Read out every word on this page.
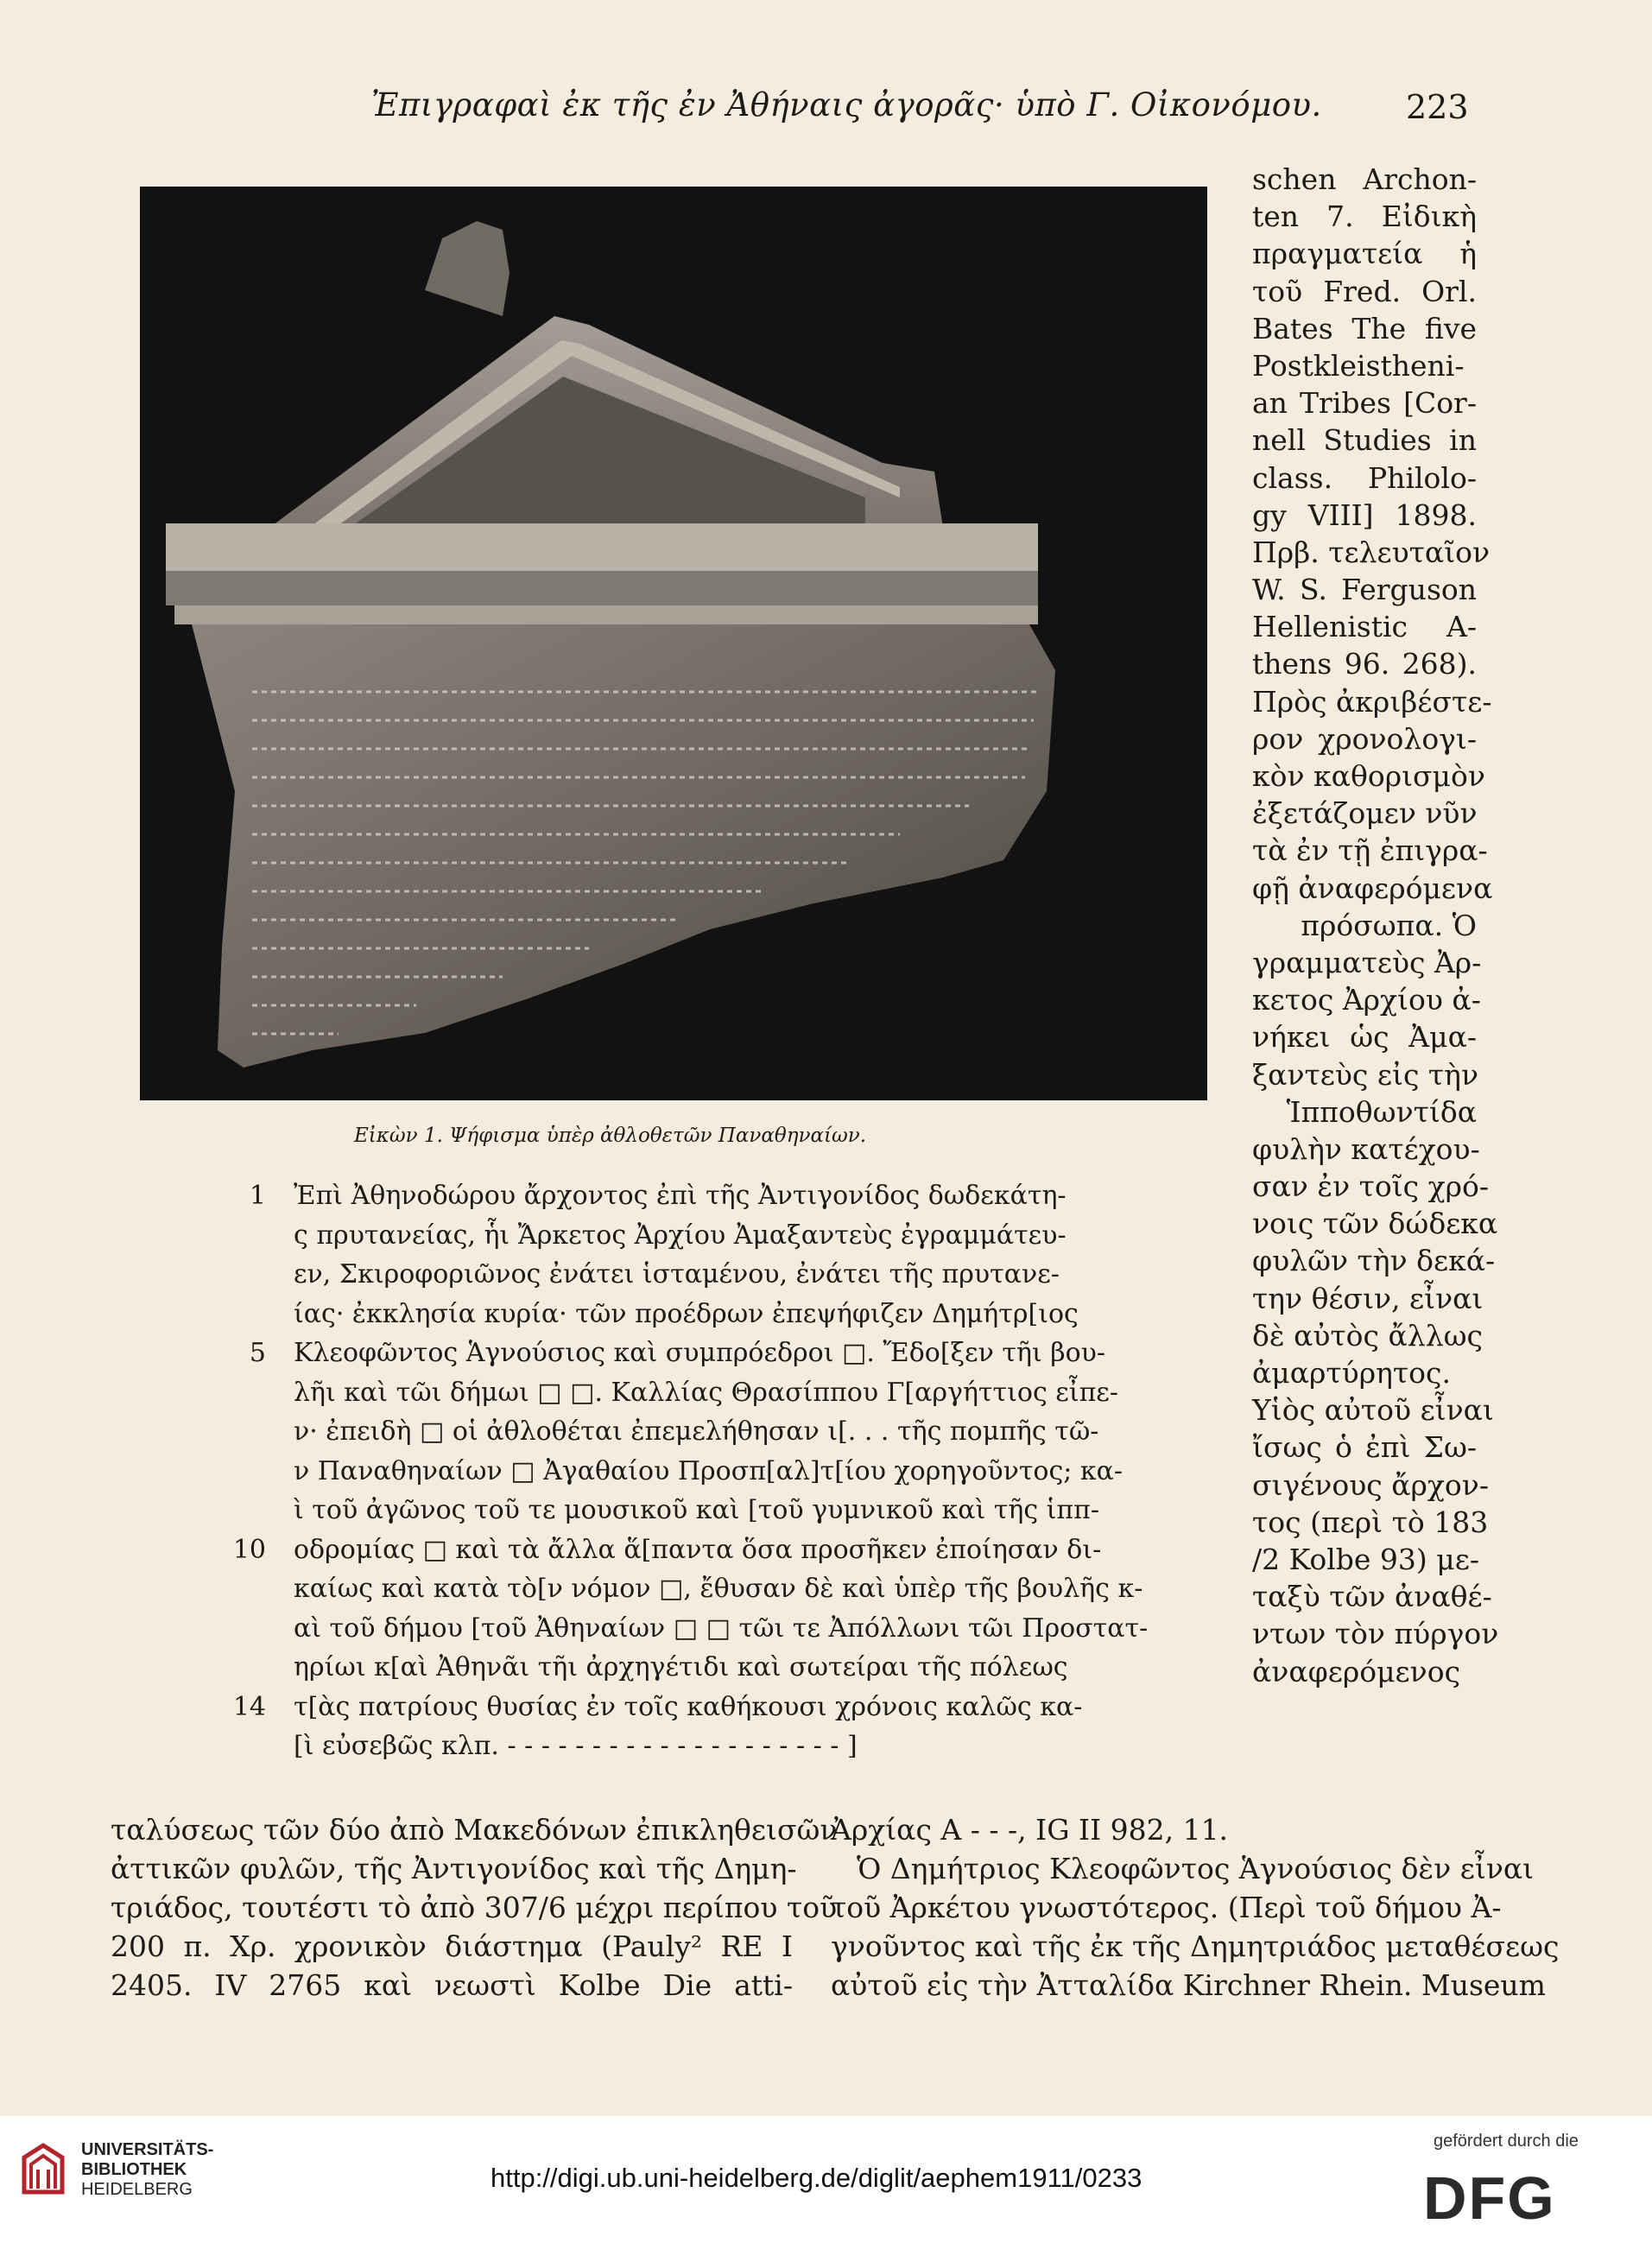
Ἐπιγραφαὶ ἐκ τῆς ἐν Ἀθήναις ἀγορᾶς· ὑπὸ Γ. Οἰκονόμου.	223
Εἰκὼν 1. Ψήφισμα ὑπὲρ ἀθλοθετῶν Παναθηναίων.
schen Archon-
ten 7. Εἰδικὴ
πραγματεία ἡ
τοῦ Fred. Orl.
Bates The five
Postkleistheni-
an Tribes [Cor-
nell Studies in
class. Philolo-
gy VIII] 1898.
Πρβ. τελευταῖον
W. S. Ferguson
Hellenistic A-
thens 96. 268).
Πρὸς ἀκριβέστε-
ρον χρονολογι-
κὸν καθορισμὸν
ἐξετάζομεν νῦν
τὰ ἐν τῇ ἐπιγρα-
φῇ ἀναφερόμενα
πρόσωπα. Ὁ
γραμματεὺς Ἀρ-
κετος Ἀρχίου ἀ-
νήκει ὡς Ἀμα-
ξαντεὺς εἰς τὴν
Ἱπποθωντίδα
φυλὴν κατέχου-
σαν ἐν τοῖς χρό-
νοις τῶν δώδεκα
φυλῶν τὴν δεκά-
την θέσιν, εἶναι
δὲ αὐτὸς ἄλλως
ἀμαρτύρητος.
Υἱὸς αὐτοῦ εἶναι
ἴσως ὁ ἐπὶ Σω-
σιγένους ἄρχον-
τος (περὶ τὸ 183
/2 Kolbe 93) με-
ταξὺ τῶν ἀναθέ-
ντων τὸν πύργον
ἀναφερόμενος
1 Ἐπὶ Ἀθηνοδώρου ἄρχοντος ἐπὶ τῆς Ἀντιγονίδος δωδεκάτη-
ς πρυτανείας, ἧι Ἄρκετος Ἀρχίου Ἀμαξαντεὺς ἐγραμμάτευ-
εν, Σκιροφοριῶνος ἐνάτει ἱσταμένου, ἐνάτει τῆς πρυτανε-
ίας· ἐκκλησία κυρία· τῶν προέδρων ἐπεψήφιζεν Δημήτρ[ιος
5 Κλεοφῶντος Ἁγνούσιος καὶ συμπρόεδροι □. Ἔδο[ξεν τῆι βου-
λῆι καὶ τῶι δήμωι □ □. Καλλίας Θρασίππου Γ[αργήττιος εἶπε-
ν· ἐπειδὴ □ οἱ ἀθλοθέται ἐπεμελήθησαν ι[. . . τῆς πομπῆς τῶ-
ν Παναθηναίων □ Ἀγαθαίου Προσπ[αλ]τ[ίου χορηγοῦντος; κα-
ὶ τοῦ ἀγῶνος τοῦ τε μουσικοῦ καὶ [τοῦ γυμνικοῦ καὶ τῆς ἱππ-
10 οδρομίας □ καὶ τὰ ἄλλα ἅ[παντα ὅσα προσῆκεν ἐποίησαν δι-
καίως καὶ κατὰ τὸ[ν νόμον □, ἔθυσαν δὲ καὶ ὑπὲρ τῆς βουλῆς κ-
αὶ τοῦ δήμου [τοῦ Ἀθηναίων □ □ τῶι τε Ἀπόλλωνι τῶι Προστατ-
ηρίωι κ[αὶ Ἀθηνᾶι τῆι ἀρχηγέτιδι καὶ σωτείραι τῆς πόλεως
14 τ[ὰς πατρίους θυσίας ἐν τοῖς καθήκουσι χρόνοις καλῶς κα-
[ὶ εὐσεβῶς κλπ. - - - - - - - - - - - - - - - - - - - - ]
ταλύσεως τῶν δύο ἀπὸ Μακεδόνων ἐπικληθεισῶν
ἀττικῶν φυλῶν, τῆς Ἀντιγονίδος καὶ τῆς Δημη-
τριάδος, τουτέστι τὸ ἀπὸ 307/6 μέχρι περίπου τοῦ
200 π. Χρ. χρονικὸν διάστημα (Pauly² RE I
2405. IV 2765 καὶ νεωστὶ Kolbe Die atti-
Ἀρχίας Α - - -, IG II 982, 11.
Ὁ Δημήτριος Κλεοφῶντος Ἁγνούσιος δὲν εἶναι
τοῦ Ἀρκέτου γνωστότερος. (Περὶ τοῦ δήμου Ἀ-
γνοῦντος καὶ τῆς ἐκ τῆς Δημητριάδος μεταθέσεως
αὐτοῦ εἰς τὴν Ἀτταλίδα Kirchner Rhein. Museum
UNIVERSITÄTS-
BIBLIOTHEK
HEIDELBERG	http://digi.ub.uni-heidelberg.de/diglit/aephem1911/0233
gefördert durch die
DFG
